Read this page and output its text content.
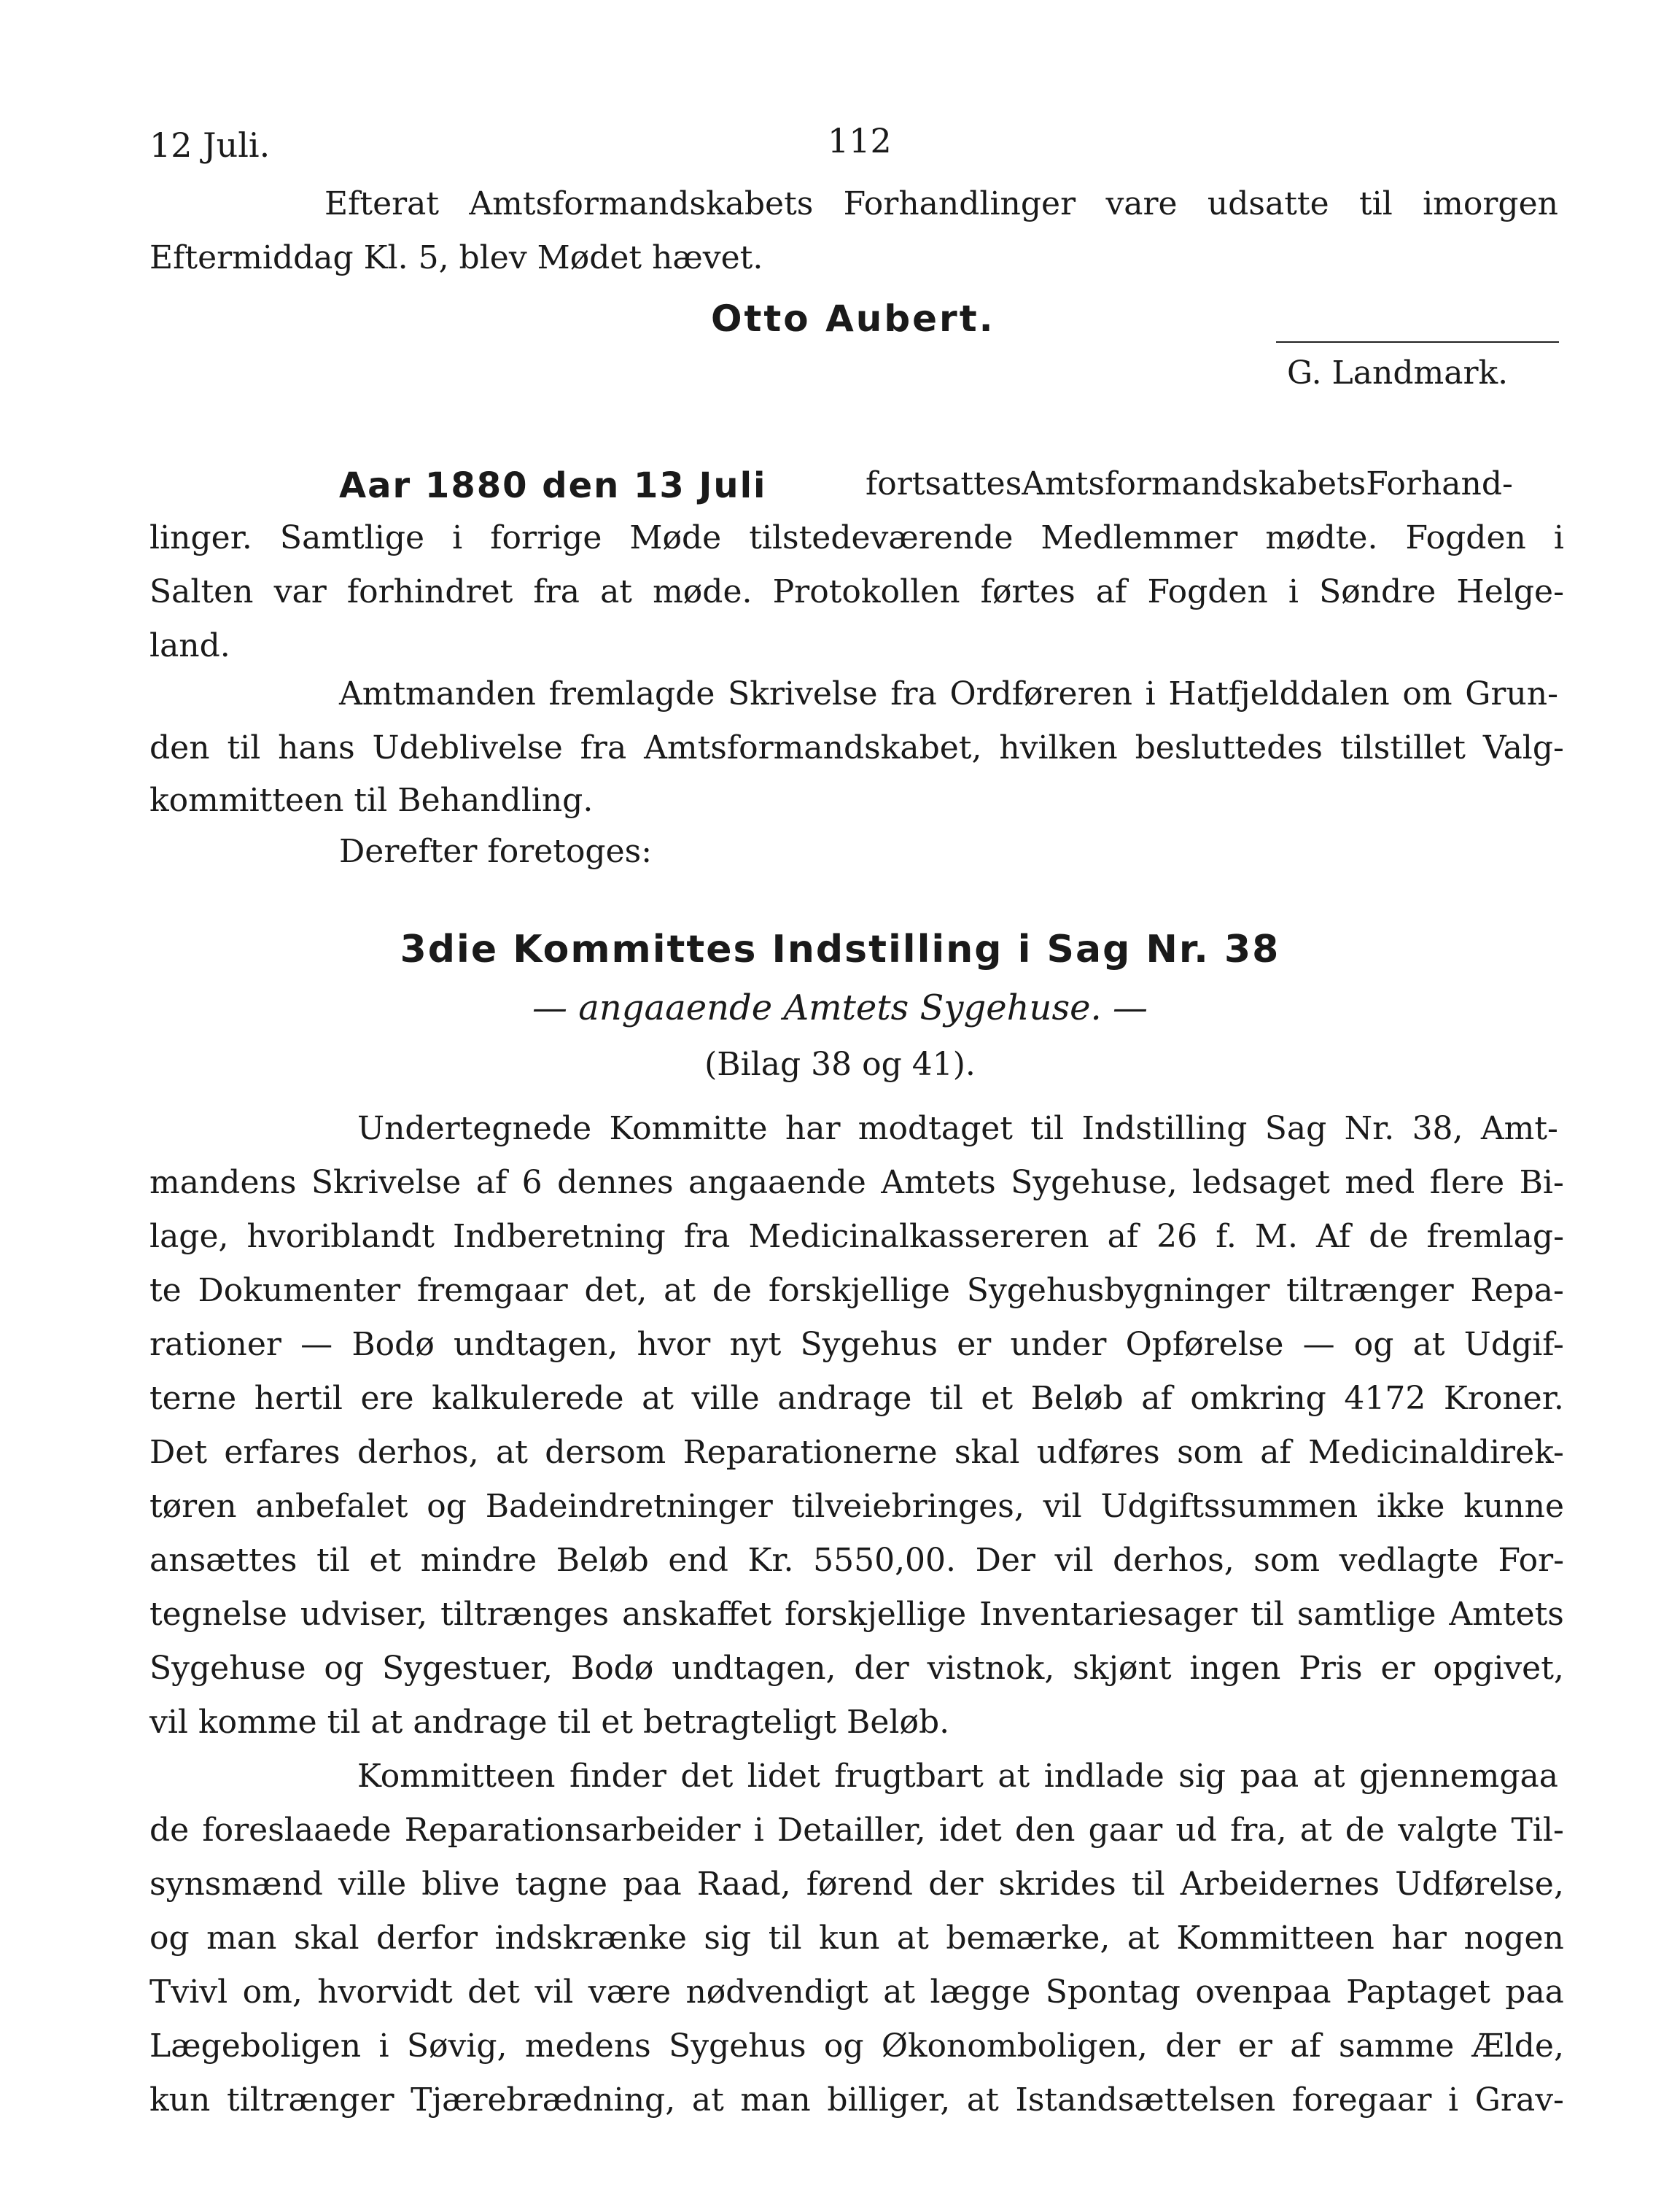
12 Juli.	112
Efterat Amtsformandskabets Forhandlinger vare udsatte til imorgen
Eftermiddag Kl. 5, blev Mødet hævet.
Otto Aubert.
G. Landmark.
Aar 1880 den 13 Juli	fortsattesAmtsformandskabetsForhand-
linger. Samtlige i forrige Møde tilstedeværende Medlemmer mødte. Fogden i
Salten var forhindret fra at møde. Protokollen førtes af Fogden i Søndre Helge-
land.
Amtmanden fremlagde Skrivelse fra Ordføreren i Hatfjelddalen om Grun-
den til hans Udeblivelse fra Amtsformandskabet, hvilken besluttedes tilstillet Valg-
kommitteen til Behandling.
Derefter foretoges:
3die Kommittes Indstilling i Sag Nr. 38
— angaaende Amtets Sygehuse. —
(Bilag 38 og 41).
Undertegnede Kommitte har modtaget til Indstilling Sag Nr. 38, Amt-
mandens Skrivelse af 6 dennes angaaende Amtets Sygehuse, ledsaget med flere Bi-
lage, hvoriblandt Indberetning fra Medicinalkassereren af 26 f. M. Af de fremlag-
te Dokumenter fremgaar det, at de forskjellige Sygehusbygninger tiltrænger Repa-
rationer — Bodø undtagen, hvor nyt Sygehus er under Opførelse — og at Udgif-
terne hertil ere kalkulerede at ville andrage til et Beløb af omkring 4172 Kroner.
Det erfares derhos, at dersom Reparationerne skal udføres som af Medicinaldirek-
tøren anbefalet og Badeindretninger tilveiebringes, vil Udgiftssummen ikke kunne
ansættes til et mindre Beløb end Kr. 5550,00. Der vil derhos, som vedlagte For-
tegnelse udviser, tiltrænges anskaffet forskjellige Inventariesager til samtlige Amtets
Sygehuse og Sygestuer, Bodø undtagen, der vistnok, skjønt ingen Pris er opgivet,
vil komme til at andrage til et betragteligt Beløb.
Kommitteen finder det lidet frugtbart at indlade sig paa at gjennemgaa
de foreslaaede Reparationsarbeider i Detailler, idet den gaar ud fra, at de valgte Til-
synsmænd ville blive tagne paa Raad, førend der skrides til Arbeidernes Udførelse,
og man skal derfor indskrænke sig til kun at bemærke, at Kommitteen har nogen
Tvivl om, hvorvidt det vil være nødvendigt at lægge Spontag ovenpaa Paptaget paa
Lægeboligen i Søvig, medens Sygehus og Økonomboligen, der er af samme Ælde,
kun tiltrænger Tjærebrædning, at man billiger, at Istandsættelsen foregaar i Grav-
